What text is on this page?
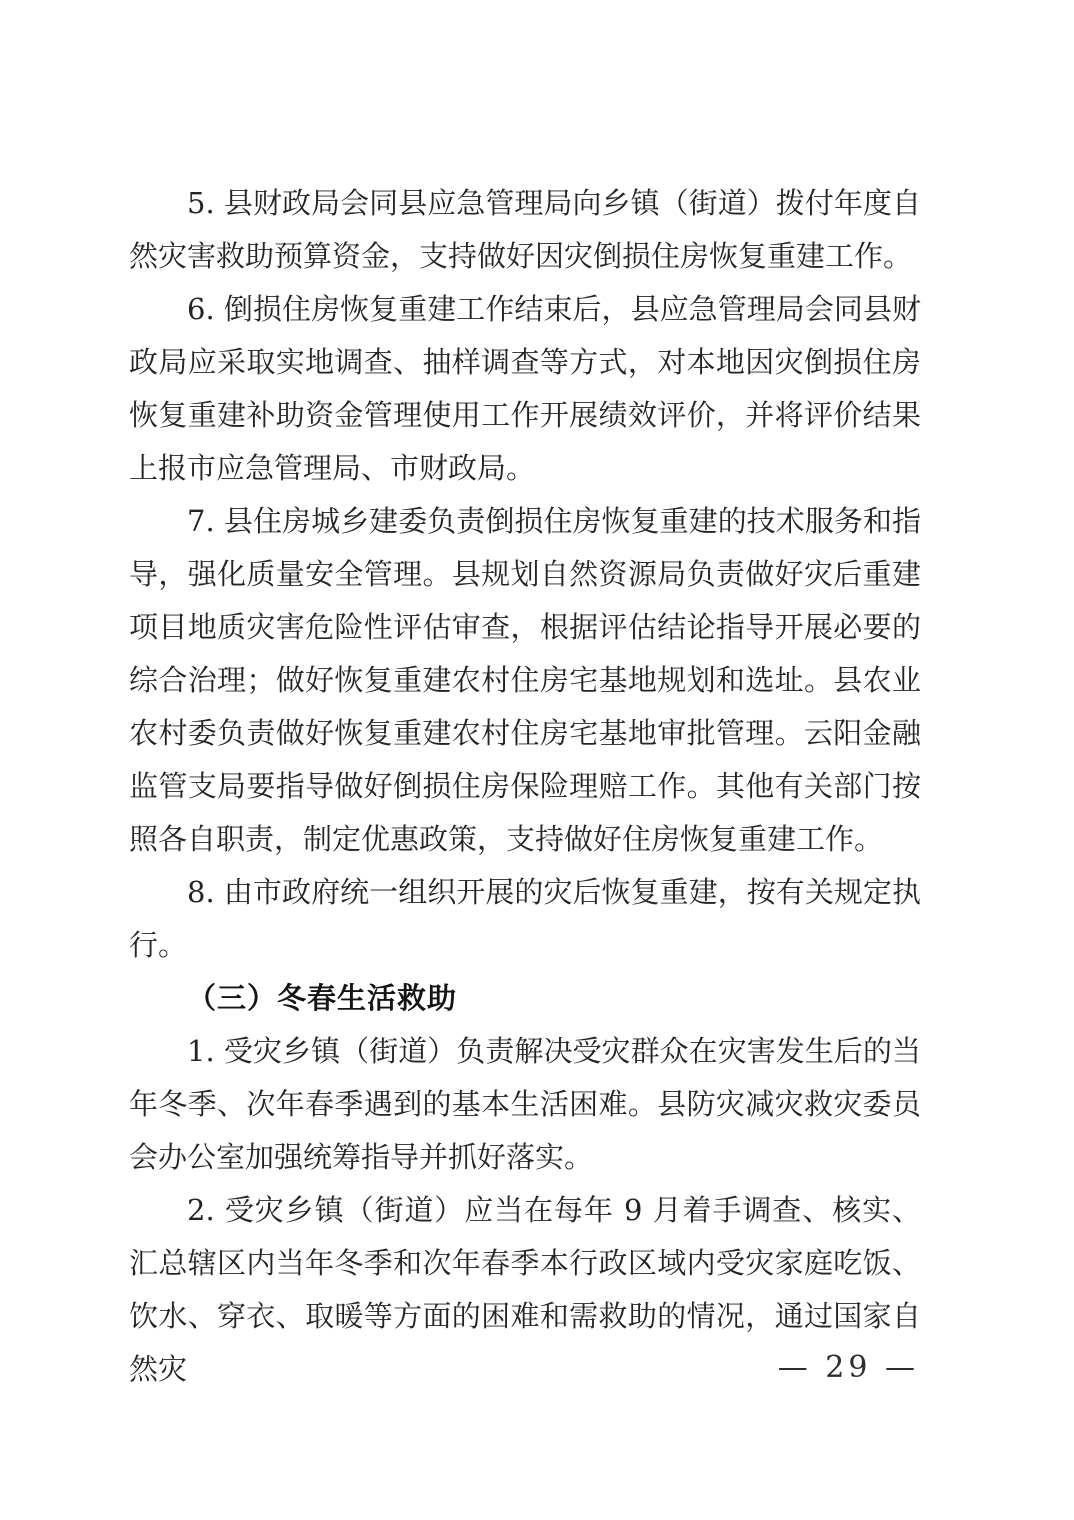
5. 县财政局会同县应急管理局向乡镇（街道）拨付年度自然灾害救助预算资金，支持做好因灾倒损住房恢复重建工作。

6. 倒损住房恢复重建工作结束后，县应急管理局会同县财政局应采取实地调查、抽样调查等方式，对本地因灾倒损住房恢复重建补助资金管理使用工作开展绩效评价，并将评价结果上报市应急管理局、市财政局。

7. 县住房城乡建委负责倒损住房恢复重建的技术服务和指导，强化质量安全管理。县规划自然资源局负责做好灾后重建项目地质灾害危险性评估审查，根据评估结论指导开展必要的综合治理；做好恢复重建农村住房宅基地规划和选址。县农业农村委负责做好恢复重建农村住房宅基地审批管理。云阳金融监管支局要指导做好倒损住房保险理赔工作。其他有关部门按照各自职责，制定优惠政策，支持做好住房恢复重建工作。

8. 由市政府统一组织开展的灾后恢复重建，按有关规定执行。

（三）冬春生活救助

1. 受灾乡镇（街道）负责解决受灾群众在灾害发生后的当年冬季、次年春季遇到的基本生活困难。县防灾减灾救灾委员会办公室加强统筹指导并抓好落实。

2. 受灾乡镇（街道）应当在每年 9 月着手调查、核实、汇总辖区内当年冬季和次年春季本行政区域内受灾家庭吃饭、饮水、穿衣、取暖等方面的困难和需救助的情况，通过国家自然灾	— 29 —
